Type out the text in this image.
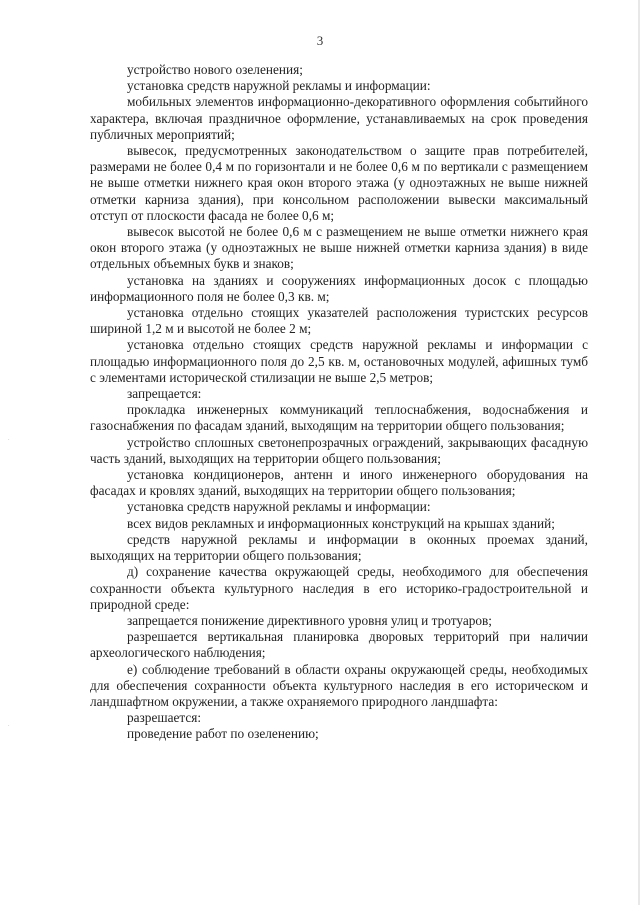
3

устройство нового озеленения;

установка средств наружной рекламы и информации:

мобильных элементов информационно-декоративного оформления событийного характера, включая праздничное оформление, устанавливаемых на срок проведения публичных мероприятий;

вывесок, предусмотренных законодательством о защите прав потребителей, размерами не более 0,4 м по горизонтали и не более 0,6 м по вертикали с размещением не выше отметки нижнего края окон второго этажа (у одноэтажных не выше нижней отметки карниза здания), при консольном расположении вывески максимальный отступ от плоскости фасада не более 0,6 м;

вывесок высотой не более 0,6 м с размещением не выше отметки нижнего края окон второго этажа (у одноэтажных не выше нижней отметки карниза здания) в виде отдельных объемных букв и знаков;

установка на зданиях и сооружениях информационных досок с площадью информационного поля не более 0,3 кв. м;

установка отдельно стоящих указателей расположения туристских ресурсов шириной 1,2 м и высотой не более 2 м;

установка отдельно стоящих средств наружной рекламы и информации с площадью информационного поля до 2,5 кв. м, остановочных модулей, афишных тумб с элементами исторической стилизации не выше 2,5 метров;

запрещается:

прокладка инженерных коммуникаций теплоснабжения, водоснабжения и газоснабжения по фасадам зданий, выходящим на территории общего пользования;

устройство сплошных светонепрозрачных ограждений, закрывающих фасадную часть зданий, выходящих на территории общего пользования;

установка кондиционеров, антенн и иного инженерного оборудования на фасадах и кровлях зданий, выходящих на территории общего пользования;

установка средств наружной рекламы и информации:

всех видов рекламных и информационных конструкций на крышах зданий;

средств наружной рекламы и информации в оконных проемах зданий, выходящих на территории общего пользования;

д) сохранение качества окружающей среды, необходимого для обеспечения сохранности объекта культурного наследия в его историко-градостроительной и природной среде:

запрещается понижение директивного уровня улиц и тротуаров;

разрешается вертикальная планировка дворовых территорий при наличии археологического наблюдения;

е) соблюдение требований в области охраны окружающей среды, необходимых для обеспечения сохранности объекта культурного наследия в его историческом и ландшафтном окружении, а также охраняемого природного ландшафта:

разрешается:

проведение работ по озеленению;

.
.
